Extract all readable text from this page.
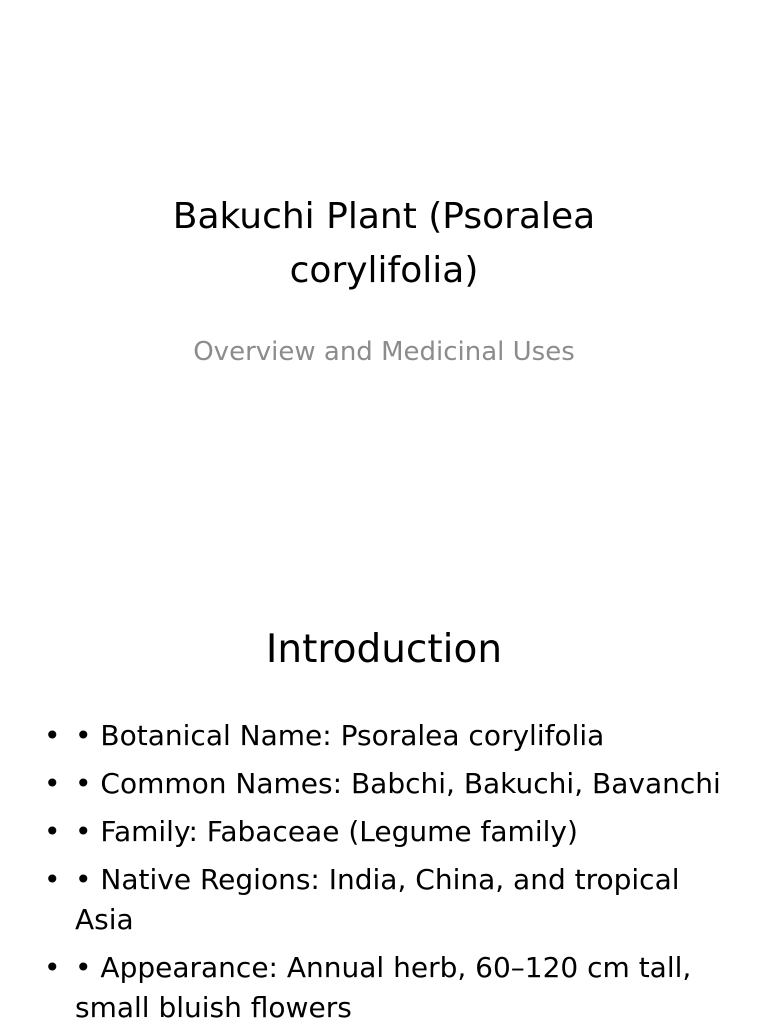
Bakuchi Plant (Psoralea corylifolia)

Overview and Medicinal Uses

Introduction
• • Botanical Name: Psoralea corylifolia
• • Common Names: Babchi, Bakuchi, Bavanchi
• • Family: Fabaceae (Legume family)
• • Native Regions: India, China, and tropical Asia
• • Appearance: Annual herb, 60–120 cm tall, small bluish flowers
